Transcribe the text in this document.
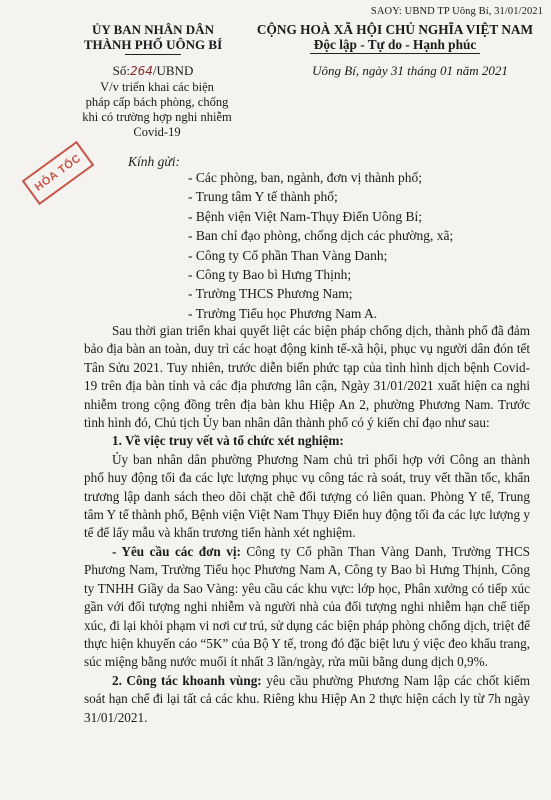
SAOY: UBND TP Uông Bí, 31/01/2021
ỦY BAN NHÂN DÂN
THÀNH PHỐ UÔNG BÍ
CỘNG HOÀ XÃ HỘI CHỦ NGHĨA VIỆT NAM
Độc lập - Tự do - Hạnh phúc
Số:264/UBND	Uông Bí, ngày 31 tháng 01 năm 2021
V/v triển khai các biện
pháp cấp bách phòng, chống
khi có trường hợp nghi nhiễm
Covid-19
HỎA TỐC	Kính gửi:
- Các phòng, ban, ngành, đơn vị thành phố;
- Trung tâm Y tế thành phố;
- Bệnh viện Việt Nam-Thụy Điển Uông Bí;
- Ban chỉ đạo phòng, chống dịch các phường, xã;
- Công ty Cổ phần Than Vàng Danh;
- Công ty Bao bì Hưng Thịnh;
- Trường THCS Phương Nam;
- Trường Tiểu học Phương Nam A.

Sau thời gian triển khai quyết liệt các biện pháp chống dịch, thành phố đã đảm bảo địa bàn an toàn, duy trì các hoạt động kinh tế-xã hội, phục vụ người dân đón tết Tân Sửu 2021. Tuy nhiên, trước diễn biến phức tạp của tình hình dịch bệnh Covid-19 trên địa bàn tỉnh và các địa phương lân cận, Ngày 31/01/2021 xuất hiện ca nghi nhiễm trong cộng đồng trên địa bàn khu Hiệp An 2, phường Phương Nam. Trước tình hình đó, Chủ tịch Ủy ban nhân dân thành phố có ý kiến chỉ đạo như sau:

1. Về việc truy vết và tổ chức xét nghiệm:

Ủy ban nhân dân phường Phương Nam chủ trì phối hợp với Công an thành phố huy động tối đa các lực lượng phục vụ công tác rà soát, truy vết thần tốc, khẩn trương lập danh sách theo dõi chặt chẽ đối tượng có liên quan. Phòng Y tế, Trung tâm Y tế thành phố, Bệnh viện Việt Nam Thụy Điển huy động tối đa các lực lượng y tế để lấy mẫu và khẩn trương tiến hành xét nghiệm.

- Yêu cầu các đơn vị: Công ty Cổ phần Than Vàng Danh, Trường THCS Phương Nam, Trường Tiểu học Phương Nam A, Công ty Bao bì Hưng Thịnh, Công ty TNHH Giầy da Sao Vàng: yêu cầu các khu vực: lớp học, Phân xưởng có tiếp xúc gần với đối tượng nghi nhiễm và người nhà của đối tượng nghi nhiễm hạn chế tiếp xúc, đi lại khỏi phạm vi nơi cư trú, sử dụng các biện pháp phòng chống dịch, triệt để thực hiện khuyến cáo “5K” của Bộ Y tế, trong đó đặc biệt lưu ý việc đeo khẩu trang, súc miệng bằng nước muối ít nhất 3 lần/ngày, rửa mũi bằng dung dịch 0,9%.

2. Công tác khoanh vùng: yêu cầu phường Phương Nam lập các chốt kiểm soát hạn chế đi lại tất cả các khu. Riêng khu Hiệp An 2 thực hiện cách ly từ 7h ngày 31/01/2021.
